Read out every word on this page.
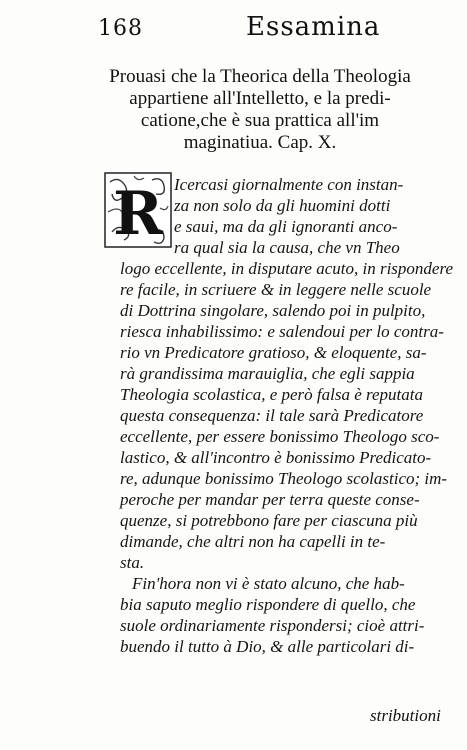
168	Essamina
Prouasi che la Theorica della Theologia
appartiene all'Intelletto, e la predi-
catione,che è sua prattica all'im
maginatiua. Cap. X.
R Icercasi giornalmente con instan-
za non solo da gli huomini dotti
e saui, ma da gli ignoranti anco-
ra qual sia la causa, che vn Theo
logo eccellente, in disputare acuto, in rispondere
re facile, in scriuere & in leggere nelle scuole
di Dottrina singolare, salendo poi in pulpito,
riesca inhabilissimo: e salendoui per lo contra-
rio vn Predicatore gratioso, & eloquente, sa-
rà grandissima marauiglia, che egli sappia
Theologia scolastica, e però falsa è reputata
questa consequenza: il tale sarà Predicatore
eccellente, per essere bonissimo Theologo sco-
lastico, & all'incontro è bonissimo Predicato-
re, adunque bonissimo Theologo scolastico; im-
peroche per mandar per terra queste conse-
quenze, si potrebbono fare per ciascuna più
dimande, che altri non ha capelli in te-
sta.
Fin'hora non vi è stato alcuno, che hab-
bia saputo meglio rispondere di quello, che
suole ordinariamente rispondersi; cioè attri-
buendo il tutto à Dio, & alle particolari di-
stributioni
